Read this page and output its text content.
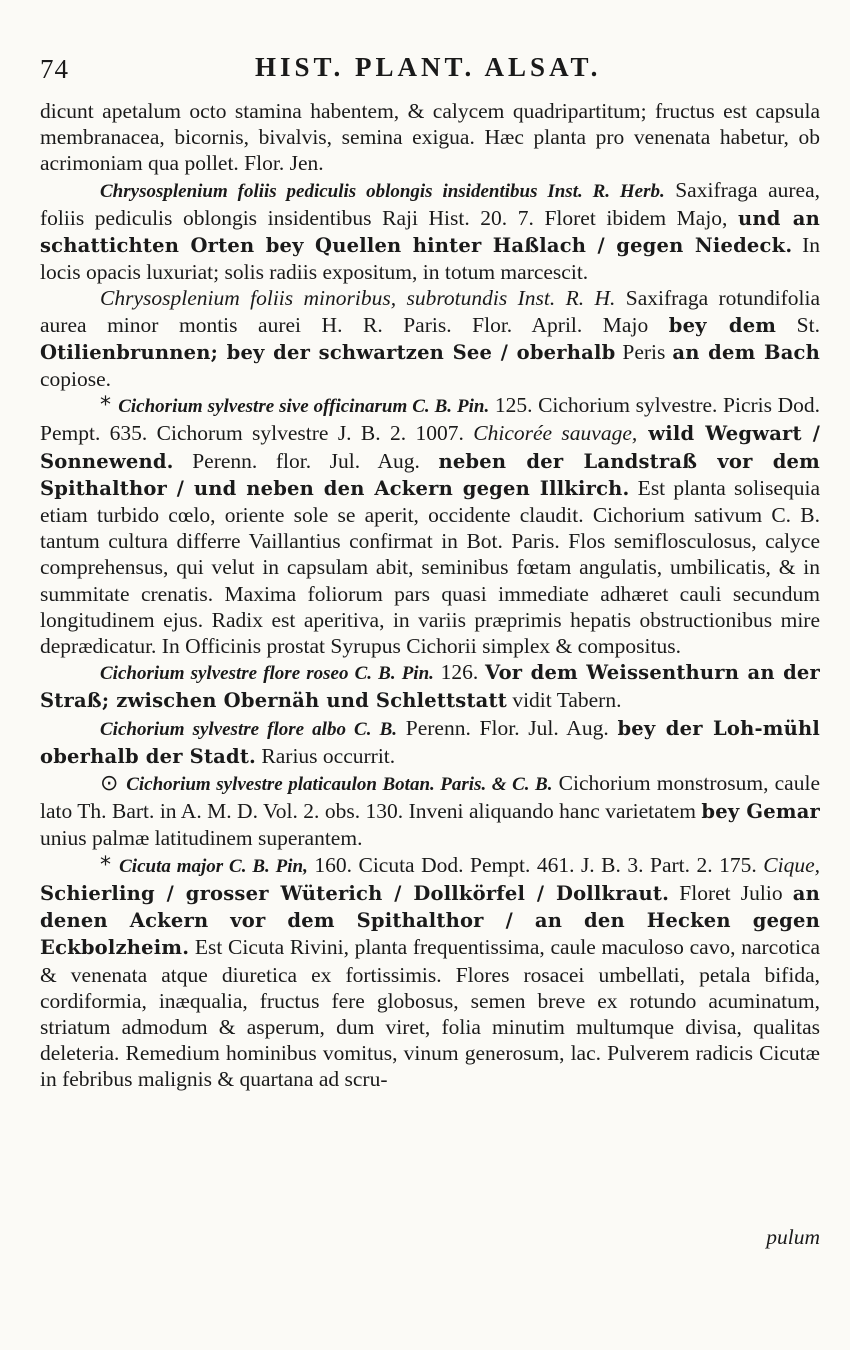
74	HIST. PLANT. ALSAT.

dicunt apetalum octo stamina habentem, & calycem quadripartitum; fructus est capsula membranacea, bicornis, bivalvis, semina exigua. Hæc planta pro venenata habetur, ob acrimoniam qua pollet. Flor. Jen.

Chrysosplenium foliis pediculis oblongis insidentibus Inst. R. Herb. Saxifraga aurea, foliis pediculis oblongis insidentibus Raji Hist. 20. 7. Floret ibidem Majo, und an schattichten Orten bey Quellen hinter Haßlach / gegen Niedeck. In locis opacis luxuriat; solis radiis expositum, in totum marcescit.

Chrysosplenium foliis minoribus, subrotundis Inst. R. H. Saxifraga rotundifolia aurea minor montis aurei H. R. Paris. Flor. April. Majo bey dem St. Otilienbrunnen; bey der schwartzen See / oberhalb Peris an dem Bach copiose.

* Cichorium sylvestre sive officinarum C. B. Pin. 125. Cichorium sylvestre. Picris Dod. Pempt. 635. Cichorum sylvestre J. B. 2. 1007. Chicorée sauvage, wild Wegwart / Sonnewend. Perenn. flor. Jul. Aug. neben der Landstraß vor dem Spithalthor / und neben den Ackern gegen Illkirch. Est planta solisequia etiam turbido cœlo, oriente sole se aperit, occidente claudit. Cichorium sativum C. B. tantum cultura differre Vaillantius confirmat in Bot. Paris. Flos semiflosculosus, calyce comprehensus, qui velut in capsulam abit, seminibus fœtam angulatis, umbilicatis, & in summitate crenatis. Maxima foliorum pars quasi immediate adhæret cauli secundum longitudinem ejus. Radix est aperitiva, in variis præprimis hepatis obstructionibus mire deprædicatur. In Officinis prostat Syrupus Cichorii simplex & compositus.

Cichorium sylvestre flore roseo C. B. Pin. 126. Vor dem Weissenthurn an der Straß; zwischen Obernäh und Schlettstatt vidit Tabern.

Cichorium sylvestre flore albo C. B. Perenn. Flor. Jul. Aug. bey der Loh-mühl oberhalb der Stadt. Rarius occurrit.

⊙ Cichorium sylvestre platicaulon Botan. Paris. & C. B. Cichorium monstrosum, caule lato Th. Bart. in A. M. D. Vol. 2. obs. 130. Inveni aliquando hanc varietatem bey Gemar unius palmæ latitudinem superantem.

* Cicuta major C. B. Pin, 160. Cicuta Dod. Pempt. 461. J. B. 3. Part. 2. 175. Cique, Schierling / grosser Wüterich / Dollkörfel / Dollkraut. Floret Julio an denen Ackern vor dem Spithalthor / an den Hecken gegen Eckbolzheim. Est Cicuta Rivini, planta frequentissima, caule maculoso cavo, narcotica & venenata atque diuretica ex fortissimis. Flores rosacei umbellati, petala bifida, cordiformia, inæqualia, fructus fere globosus, semen breve ex rotundo acuminatum, striatum admodum & asperum, dum viret, folia minutim multumque divisa, qualitas deleteria. Remedium hominibus vomitus, vinum generosum, lac. Pulverem radicis Cicutæ in febribus malignis & quartana ad scru-

pulum
